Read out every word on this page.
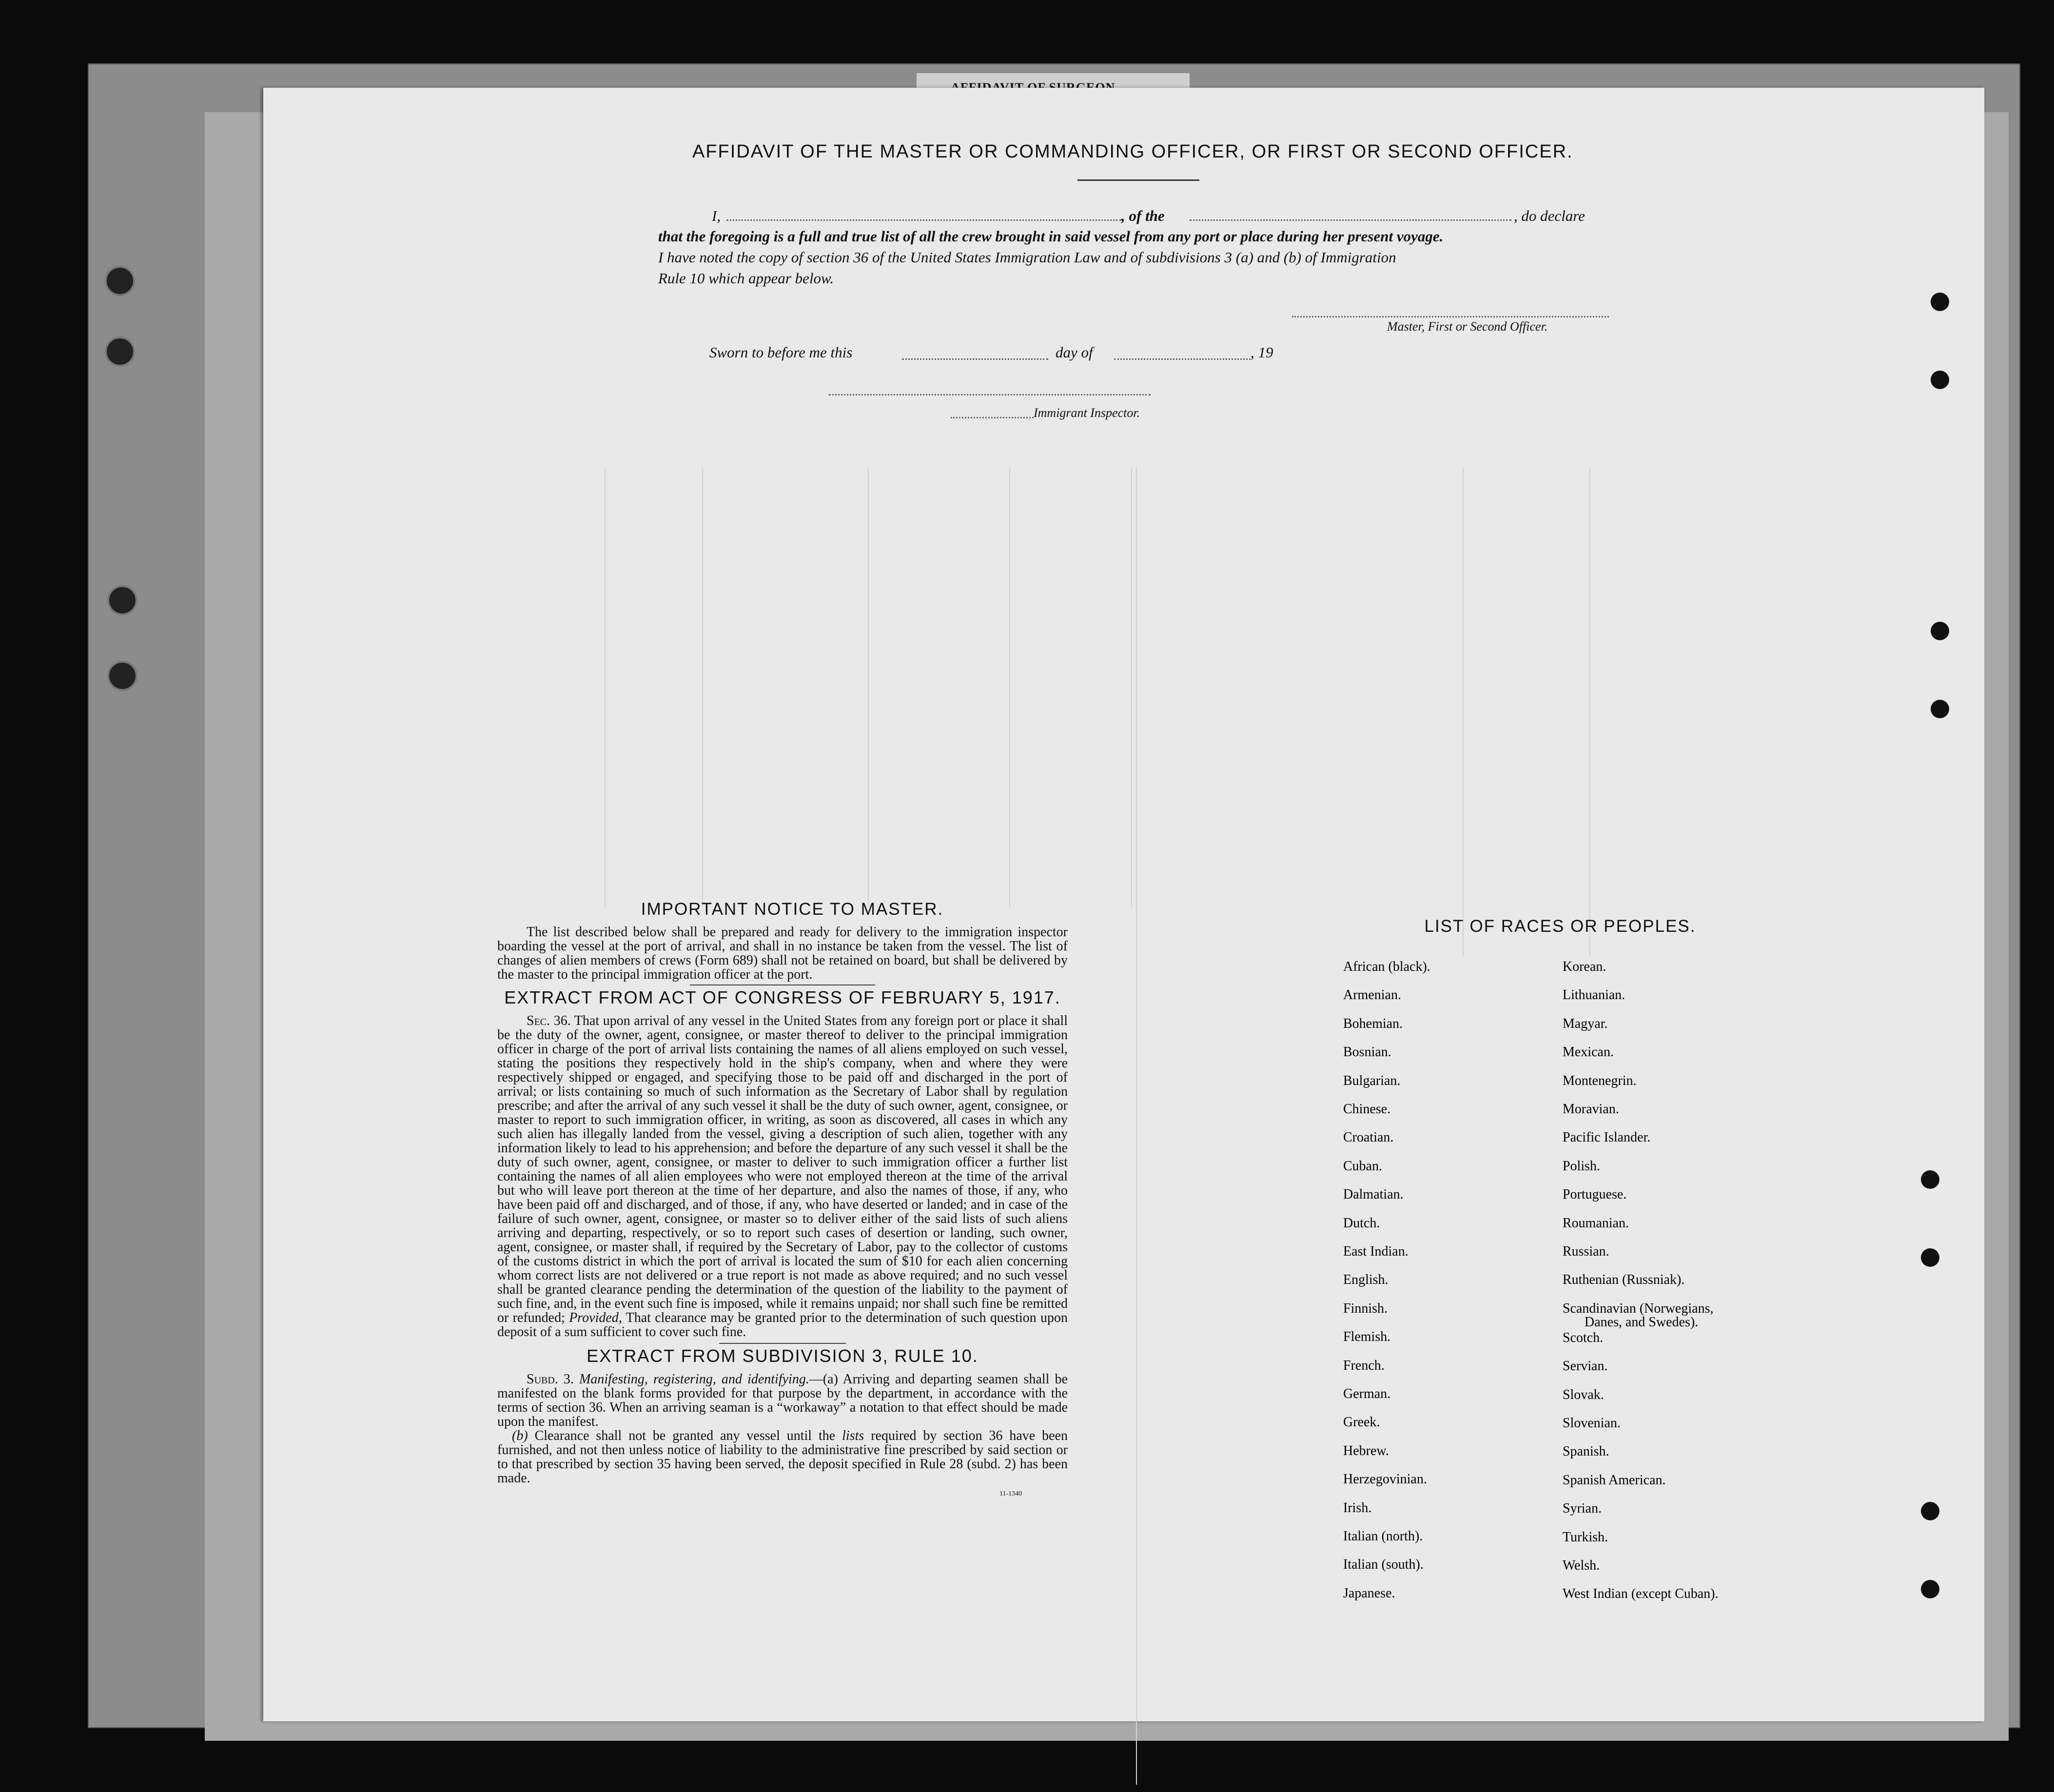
AFFIDAVIT OF THE MASTER OR COMMANDING OFFICER, OR FIRST OR SECOND OFFICER.
I,	, of the	, do declare
that the foregoing is a full and true list of all the crew brought in said vessel from any port or place during her present voyage.
I have noted the copy of section 36 of the United States Immigration Law and of subdivisions 3 (a) and (b) of Immigration
Rule 10 which appear below.
Master, First or Second Officer.
Sworn to before me this	day of	, 19
Immigrant Inspector.
IMPORTANT NOTICE TO MASTER.

The list described below shall be prepared and ready for delivery to the immigration inspector boarding the vessel at the port of arrival, and shall in no instance be taken from the vessel. The list of changes of alien members of crews (Form 689) shall not be retained on board, but shall be delivered by the master to the principal immigration officer at the port.

EXTRACT FROM ACT OF CONGRESS OF FEBRUARY 5, 1917.

Sec. 36. That upon arrival of any vessel in the United States from any foreign port or place it shall be the duty of the owner, agent, consignee, or master thereof to deliver to the principal immigration officer in charge of the port of arrival lists containing the names of all aliens employed on such vessel, stating the positions they respectively hold in the ship's company, when and where they were respectively shipped or engaged, and specifying those to be paid off and discharged in the port of arrival; or lists containing so much of such information as the Secretary of Labor shall by regulation prescribe; and after the arrival of any such vessel it shall be the duty of such owner, agent, consignee, or master to report to such immigration officer, in writing, as soon as discovered, all cases in which any such alien has illegally landed from the vessel, giving a description of such alien, together with any information likely to lead to his apprehension; and before the departure of any such vessel it shall be the duty of such owner, agent, consignee, or master to deliver to such immigration officer a further list containing the names of all alien employees who were not employed thereon at the time of the arrival but who will leave port thereon at the time of her departure, and also the names of those, if any, who have been paid off and discharged, and of those, if any, who have deserted or landed; and in case of the failure of such owner, agent, consignee, or master so to deliver either of the said lists of such aliens arriving and departing, respectively, or so to report such cases of desertion or landing, such owner, agent, consignee, or master shall, if required by the Secretary of Labor, pay to the collector of customs of the customs district in which the port of arrival is located the sum of $10 for each alien concerning whom correct lists are not delivered or a true report is not made as above required; and no such vessel shall be granted clearance pending the determination of the question of the liability to the payment of such fine, and, in the event such fine is imposed, while it remains unpaid; nor shall such fine be remitted or refunded; Provided, That clearance may be granted prior to the determination of such question upon deposit of a sum sufficient to cover such fine.

EXTRACT FROM SUBDIVISION 3, RULE 10.

Subd. 3. Manifesting, registering, and identifying.—(a) Arriving and departing seamen shall be manifested on the blank forms provided for that purpose by the department, in accordance with the terms of section 36. When an arriving seaman is a “workaway” a notation to that effect should be made upon the manifest.

(b) Clearance shall not be granted any vessel until the lists required by section 36 have been furnished, and not then unless notice of liability to the administrative fine prescribed by said section or to that prescribed by section 35 having been served, the deposit specified in Rule 28 (subd. 2) has been made.

11-1340
LIST OF RACES OR PEOPLES.
African (black).
Armenian.
Bohemian.
Bosnian.
Bulgarian.
Chinese.
Croatian.
Cuban.
Dalmatian.
Dutch.
East Indian.
English.
Finnish.
Flemish.
French.
German.
Greek.
Hebrew.
Herzegovinian.
Irish.
Italian (north).
Italian (south).
Japanese.
Korean.
Lithuanian.
Magyar.
Mexican.
Montenegrin.
Moravian.
Pacific Islander.
Polish.
Portuguese.
Roumanian.
Russian.
Ruthenian (Russniak).
Scandinavian (Norwegians,
Danes, and Swedes).
Scotch.
Servian.
Slovak.
Slovenian.
Spanish.
Spanish American.
Syrian.
Turkish.
Welsh.
West Indian (except Cuban).
